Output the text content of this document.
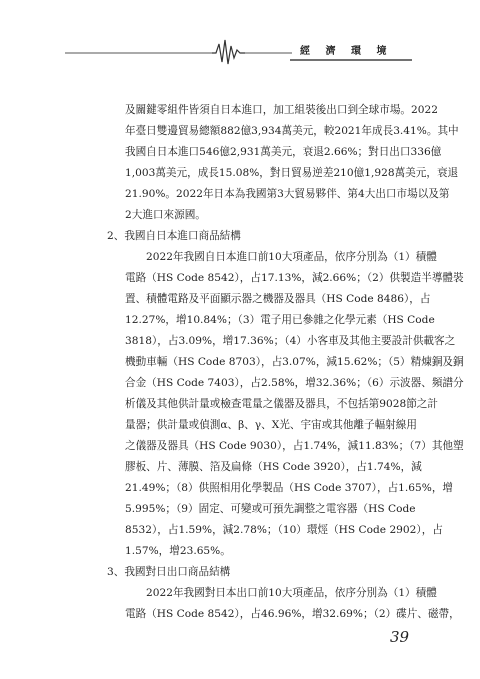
經 濟 環 境
及關鍵零組件皆須自日本進口，加工組裝後出口到全球市場。2022
年臺日雙邊貿易總額882億3,934萬美元，較2021年成長3.41%。其中
我國自日本進口546億2,931萬美元，衰退2.66%；對日出口336億
1,003萬美元，成長15.08%，對日貿易逆差210億1,928萬美元，衰退
21.90%。2022年日本為我國第3大貿易夥伴、第4大出口市場以及第
2大進口來源國。
2、我國自日本進口商品結構
2022年我國自日本進口前10大項產品，依序分別為（1）積體
電路（HS Code 8542），占17.13%，減2.66%；（2）供製造半導體裝
置、積體電路及平面顯示器之機器及器具（HS Code 8486），占
12.27%，增10.84%；（3）電子用已參雜之化學元素（HS Code
3818），占3.09%，增17.36%；（4）小客車及其他主要設計供載客之
機動車輛（HS Code 8703），占3.07%，減15.62%；（5）精煉銅及銅
合金（HS Code 7403），占2.58%，增32.36%；（6）示波器、頻譜分
析儀及其他供計量或檢查電量之儀器及器具，不包括第9028節之計
量器；供計量或偵測α、β、γ、X光、宇宙或其他離子輻射線用
之儀器及器具（HS Code 9030），占1.74%，減11.83%；（7）其他塑
膠板、片、薄膜、箔及扁條（HS Code 3920），占1.74%，減
21.49%；（8）供照相用化學製品（HS Code 3707），占1.65%，增
5.995%；（9）固定、可變或可預先調整之電容器（HS Code
8532），占1.59%，減2.78%；（10）環烴（HS Code 2902），占
1.57%，增23.65%。
3、我國對日出口商品結構
2022年我國對日本出口前10大項產品，依序分別為（1）積體
電路（HS Code 8542），占46.96%，增32.69%；（2）碟片、磁帶，
39
